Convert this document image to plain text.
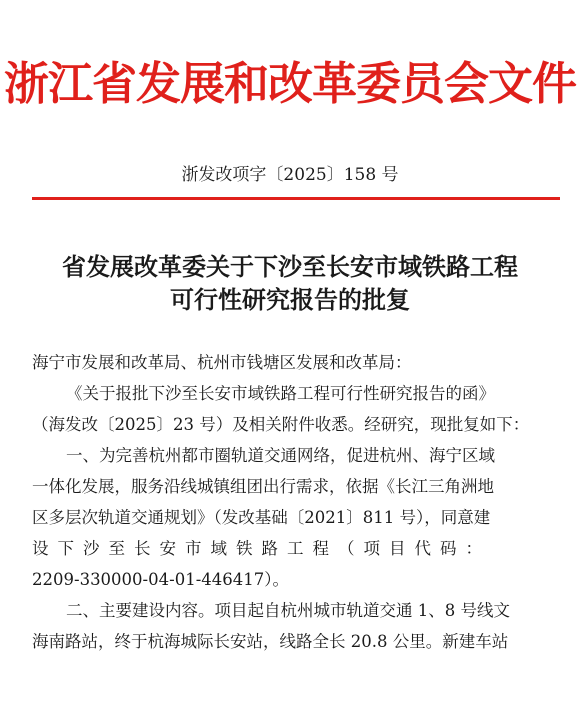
浙江省发展和改革委员会文件
浙发改项字〔2025〕158 号
省发展改革委关于下沙至长安市域铁路工程
可行性研究报告的批复

海宁市发展和改革局、杭州市钱塘区发展和改革局：

《关于报批下沙至长安市域铁路工程可行性研究报告的函》

（海发改〔2025〕23 号）及相关附件收悉。经研究，现批复如下：

一、为完善杭州都市圈轨道交通网络，促进杭州、海宁区域

一体化发展，服务沿线城镇组团出行需求，依据《长江三角洲地

区多层次轨道交通规划》（发改基础〔2021〕811 号），同意建

设下沙至长安市域铁路工程（项目代码：

2209-330000-04-01-446417）。

二、主要建设内容。项目起自杭州城市轨道交通 1、8 号线文

海南路站，终于杭海城际长安站，线路全长 20.8 公里。新建车站
